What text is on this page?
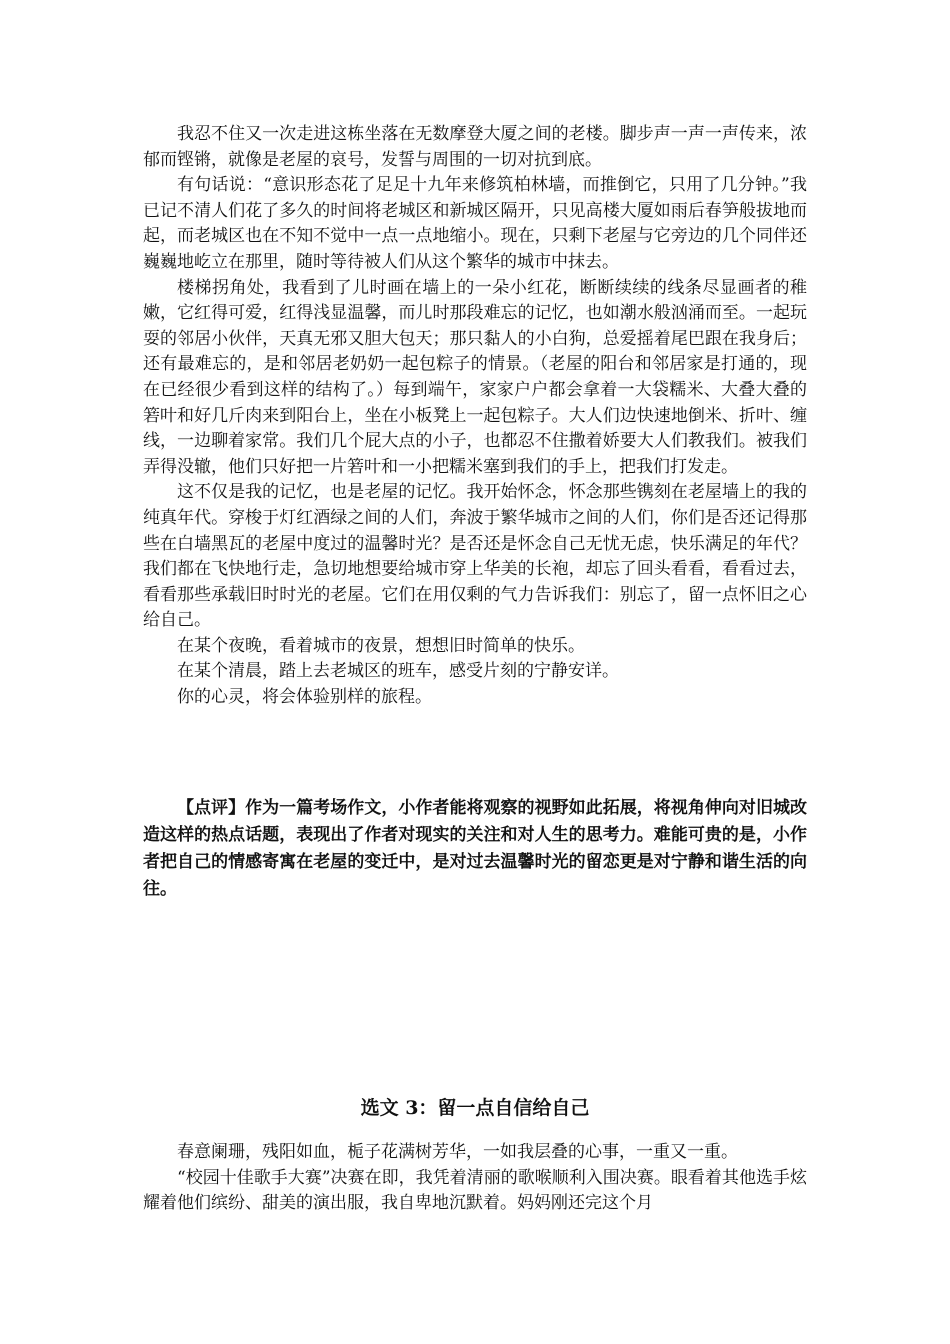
我忍不住又一次走进这栋坐落在无数摩登大厦之间的老楼。脚步声一声一声传来，浓郁而铿锵，就像是老屋的哀号，发誓与周围的一切对抗到底。

有句话说：“意识形态花了足足十九年来修筑柏林墙，而推倒它，只用了几分钟。”我已记不清人们花了多久的时间将老城区和新城区隔开，只见高楼大厦如雨后春笋般拔地而起，而老城区也在不知不觉中一点一点地缩小。现在，只剩下老屋与它旁边的几个同伴还巍巍地屹立在那里，随时等待被人们从这个繁华的城市中抹去。

楼梯拐角处，我看到了儿时画在墙上的一朵小红花，断断续续的线条尽显画者的稚嫩，它红得可爱，红得浅显温馨，而儿时那段难忘的记忆，也如潮水般汹涌而至。一起玩耍的邻居小伙伴，天真无邪又胆大包天；那只黏人的小白狗，总爱摇着尾巴跟在我身后；还有最难忘的，是和邻居老奶奶一起包粽子的情景。（老屋的阳台和邻居家是打通的，现在已经很少看到这样的结构了。）每到端午，家家户户都会拿着一大袋糯米、大叠大叠的箬叶和好几斤肉来到阳台上，坐在小板凳上一起包粽子。大人们边快速地倒米、折叶、缠线，一边聊着家常。我们几个屁大点的小子，也都忍不住撒着娇要大人们教我们。被我们弄得没辙，他们只好把一片箬叶和一小把糯米塞到我们的手上，把我们打发走。

这不仅是我的记忆，也是老屋的记忆。我开始怀念，怀念那些镌刻在老屋墙上的我的纯真年代。穿梭于灯红酒绿之间的人们，奔波于繁华城市之间的人们，你们是否还记得那些在白墙黑瓦的老屋中度过的温馨时光？是否还是怀念自己无忧无虑，快乐满足的年代？我们都在飞快地行走，急切地想要给城市穿上华美的长袍，却忘了回头看看，看看过去，看看那些承载旧时时光的老屋。它们在用仅剩的气力告诉我们：别忘了，留一点怀旧之心给自己。

在某个夜晚，看着城市的夜景，想想旧时简单的快乐。

在某个清晨，踏上去老城区的班车，感受片刻的宁静安详。

你的心灵，将会体验别样的旅程。

【点评】作为一篇考场作文，小作者能将观察的视野如此拓展，将视角伸向对旧城改造这样的热点话题，表现出了作者对现实的关注和对人生的思考力。难能可贵的是，小作者把自己的情感寄寓在老屋的变迁中，是对过去温馨时光的留恋更是对宁静和谐生活的向往。

选文 3：留一点自信给自己

春意阑珊，残阳如血，栀子花满树芳华，一如我层叠的心事，一重又一重。

“校园十佳歌手大赛”决赛在即，我凭着清丽的歌喉顺利入围决赛。眼看着其他选手炫耀着他们缤纷、甜美的演出服，我自卑地沉默着。妈妈刚还完这个月
